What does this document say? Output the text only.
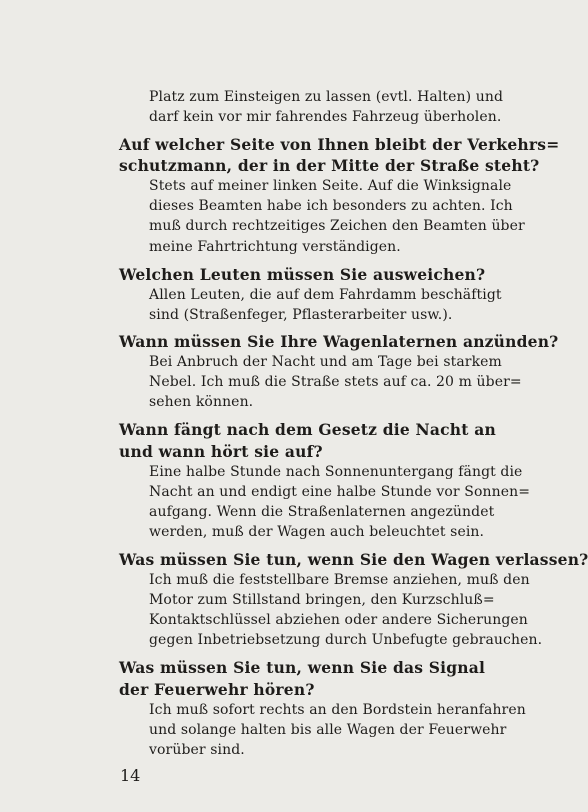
Platz zum Einsteigen zu lassen (evtl. Halten) und
darf kein vor mir fahrendes Fahrzeug überholen.
Auf welcher Seite von Ihnen bleibt der Verkehrs=
schutzmann, der in der Mitte der Straße steht?
Stets auf meiner linken Seite. Auf die Winksignale
dieses Beamten habe ich besonders zu achten. Ich
muß durch rechtzeitiges Zeichen den Beamten über
meine Fahrtrichtung verständigen.
Welchen Leuten müssen Sie ausweichen?
Allen Leuten, die auf dem Fahrdamm beschäftigt
sind (Straßenfeger, Pflasterarbeiter usw.).
Wann müssen Sie Ihre Wagenlaternen anzünden?
Bei Anbruch der Nacht und am Tage bei starkem
Nebel. Ich muß die Straße stets auf ca. 20 m über=
sehen können.
Wann fängt nach dem Gesetz die Nacht an
und wann hört sie auf?
Eine halbe Stunde nach Sonnenuntergang fängt die
Nacht an und endigt eine halbe Stunde vor Sonnen=
aufgang. Wenn die Straßenlaternen angezündet
werden, muß der Wagen auch beleuchtet sein.
Was müssen Sie tun, wenn Sie den Wagen verlassen?
Ich muß die feststellbare Bremse anziehen, muß den
Motor zum Stillstand bringen, den Kurzschluß=
Kontaktschlüssel abziehen oder andere Sicherungen
gegen Inbetriebsetzung durch Unbefugte gebrauchen.
Was müssen Sie tun, wenn Sie das Signal
der Feuerwehr hören?
Ich muß sofort rechts an den Bordstein heranfahren
und solange halten bis alle Wagen der Feuerwehr
vorüber sind.
14
